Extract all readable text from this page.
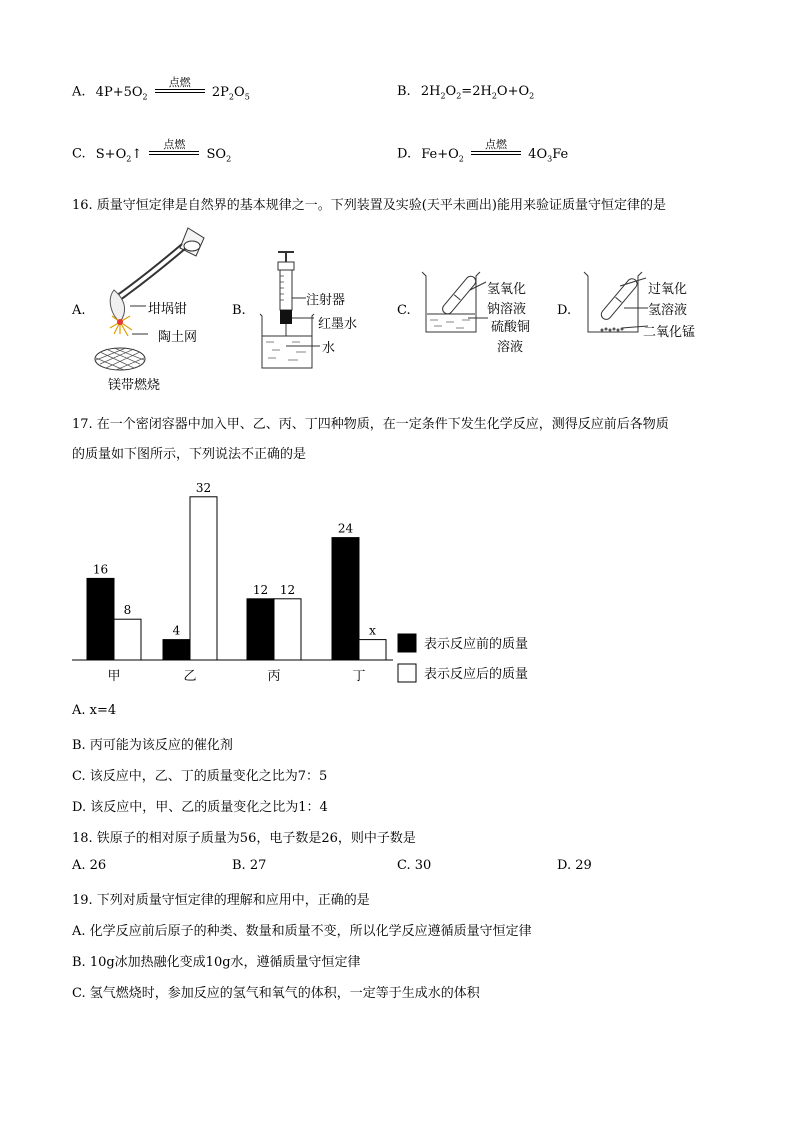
A. $4P+5O_2$
点燃
$2P_2O_5$	B. $2H_2O_2=2H_2O+O_2$
C. $S+O_2↑$
点燃
$SO_2$	D. $Fe+O_2$
点燃
$4O_3Fe$
16. 质量守恒定律是自然界的基本规律之一。下列装置及实验(天平未画出)能用来验证质量守恒定律的是
A.	坩埚钳
陶土网
镁带燃烧
B.
注射器
红墨水
水
C.
氢氧化
钠溶液
硫酸铜
溶液
D.
过氧化
氢溶液
二氧化锰
17. 在一个密闭容器中加入甲、乙、丙、丁四种物质，在一定条件下发生化学反应，测得反应前后各物质
的质量如下图所示，下列说法不正确的是
16
8
甲
4
32
乙
12 12
丙
24
x
丁
表示反应前的质量
表示反应后的质量
A. x=4
B. 丙可能为该反应的催化剂
C. 该反应中，乙、丁的质量变化之比为7：5
D. 该反应中，甲、乙的质量变化之比为1：4
18. 铁原子的相对原子质量为56，电子数是26，则中子数是
A. 26	B. 27	C. 30	D. 29
19. 下列对质量守恒定律的理解和应用中，正确的是
A. 化学反应前后原子的种类、数量和质量不变，所以化学反应遵循质量守恒定律
B. 10g冰加热融化变成10g水，遵循质量守恒定律
C. 氢气燃烧时，参加反应的氢气和氧气的体积，一定等于生成水的体积
